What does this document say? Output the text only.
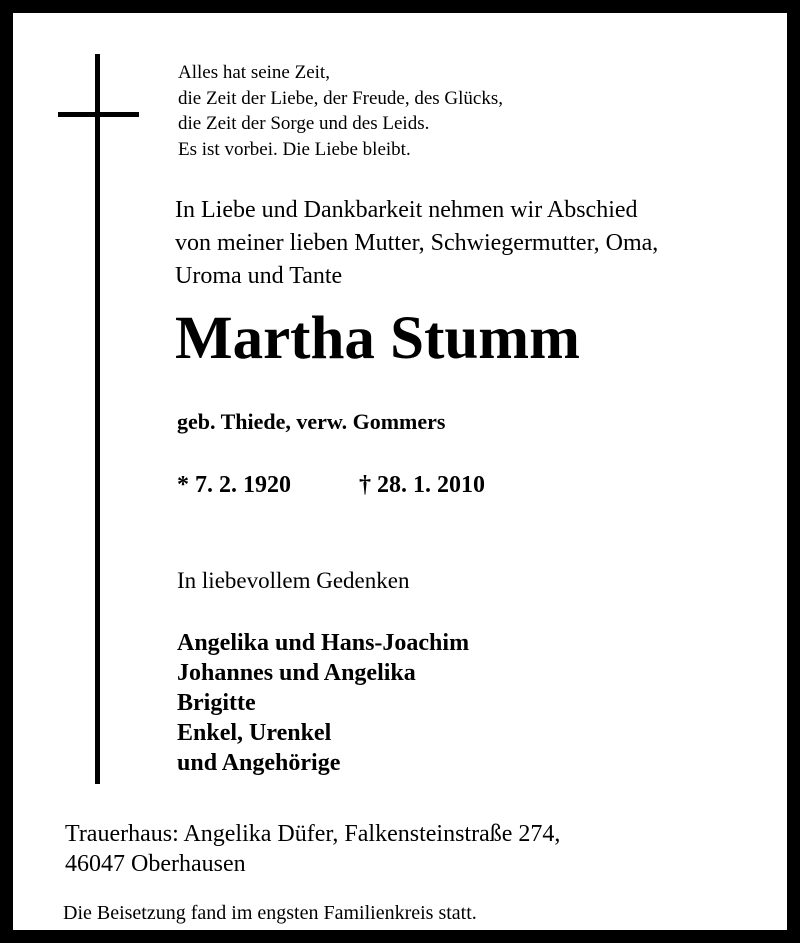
Alles hat seine Zeit,
die Zeit der Liebe, der Freude, des Glücks,
die Zeit der Sorge und des Leids.
Es ist vorbei. Die Liebe bleibt.
In Liebe und Dankbarkeit nehmen wir Abschied
von meiner lieben Mutter, Schwiegermutter, Oma,
Uroma und Tante
Martha Stumm
geb. Thiede, verw. Gommers
* 7. 2. 1920	† 28. 1. 2010
In liebevollem Gedenken
Angelika und Hans-Joachim
Johannes und Angelika
Brigitte
Enkel, Urenkel
und Angehörige
Trauerhaus: Angelika Düfer, Falkensteinstraße 274,
46047 Oberhausen
Die Beisetzung fand im engsten Familienkreis statt.
